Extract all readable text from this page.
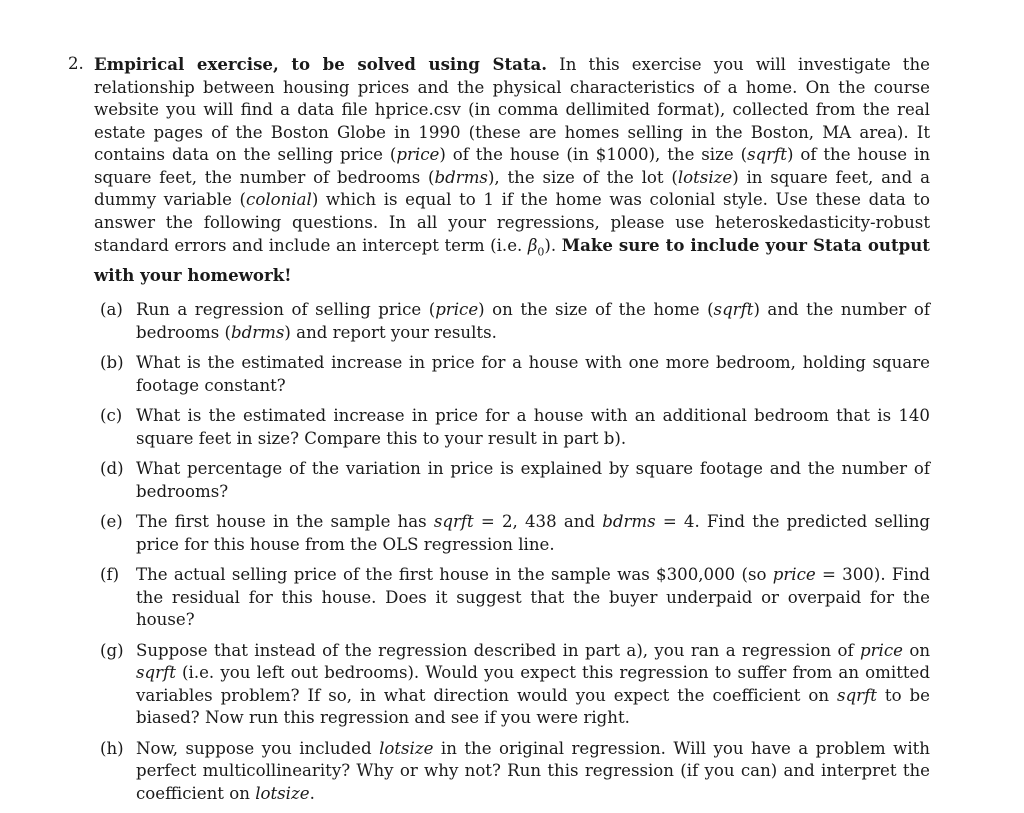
2. Empirical exercise, to be solved using Stata. In this exercise you will investigate the relationship between housing prices and the physical characteristics of a home. On the course website you will find a data file hprice.csv (in comma dellimited format), collected from the real estate pages of the Boston Globe in 1990 (these are homes selling in the Boston, MA area). It contains data on the selling price (price) of the house (in $1000), the size (sqrft) of the house in square feet, the number of bedrooms (bdrms), the size of the lot (lotsize) in square feet, and a dummy variable (colonial) which is equal to 1 if the home was colonial style. Use these data to answer the following questions. In all your regressions, please use heteroskedasticity-robust standard errors and include an intercept term (i.e. $\beta_0$). Make sure to include your Stata output with your homework!
(a) Run a regression of selling price (price) on the size of the home (sqrft) and the number of bedrooms (bdrms) and report your results.
(b) What is the estimated increase in price for a house with one more bedroom, holding square footage constant?
(c) What is the estimated increase in price for a house with an additional bedroom that is 140 square feet in size? Compare this to your result in part b).
(d) What percentage of the variation in price is explained by square footage and the number of bedrooms?
(e) The first house in the sample has sqrft = 2, 438 and bdrms = 4. Find the predicted selling price for this house from the OLS regression line.
(f)	The actual selling price of the first house in the sample was $300,000 (so price = 300). Find the residual for this house. Does it suggest that the buyer underpaid or overpaid for the house?
(g) Suppose that instead of the regression described in part a), you ran a regression of price on sqrft (i.e. you left out bedrooms). Would you expect this regression to suffer from an omitted variables problem? If so, in what direction would you expect the coefficient on sqrft to be biased? Now run this regression and see if you were right.
(h) Now, suppose you included lotsize in the original regression. Will you have a problem with perfect multicollinearity? Why or why not? Run this regression (if you can) and interpret the coefficient on lotsize.
